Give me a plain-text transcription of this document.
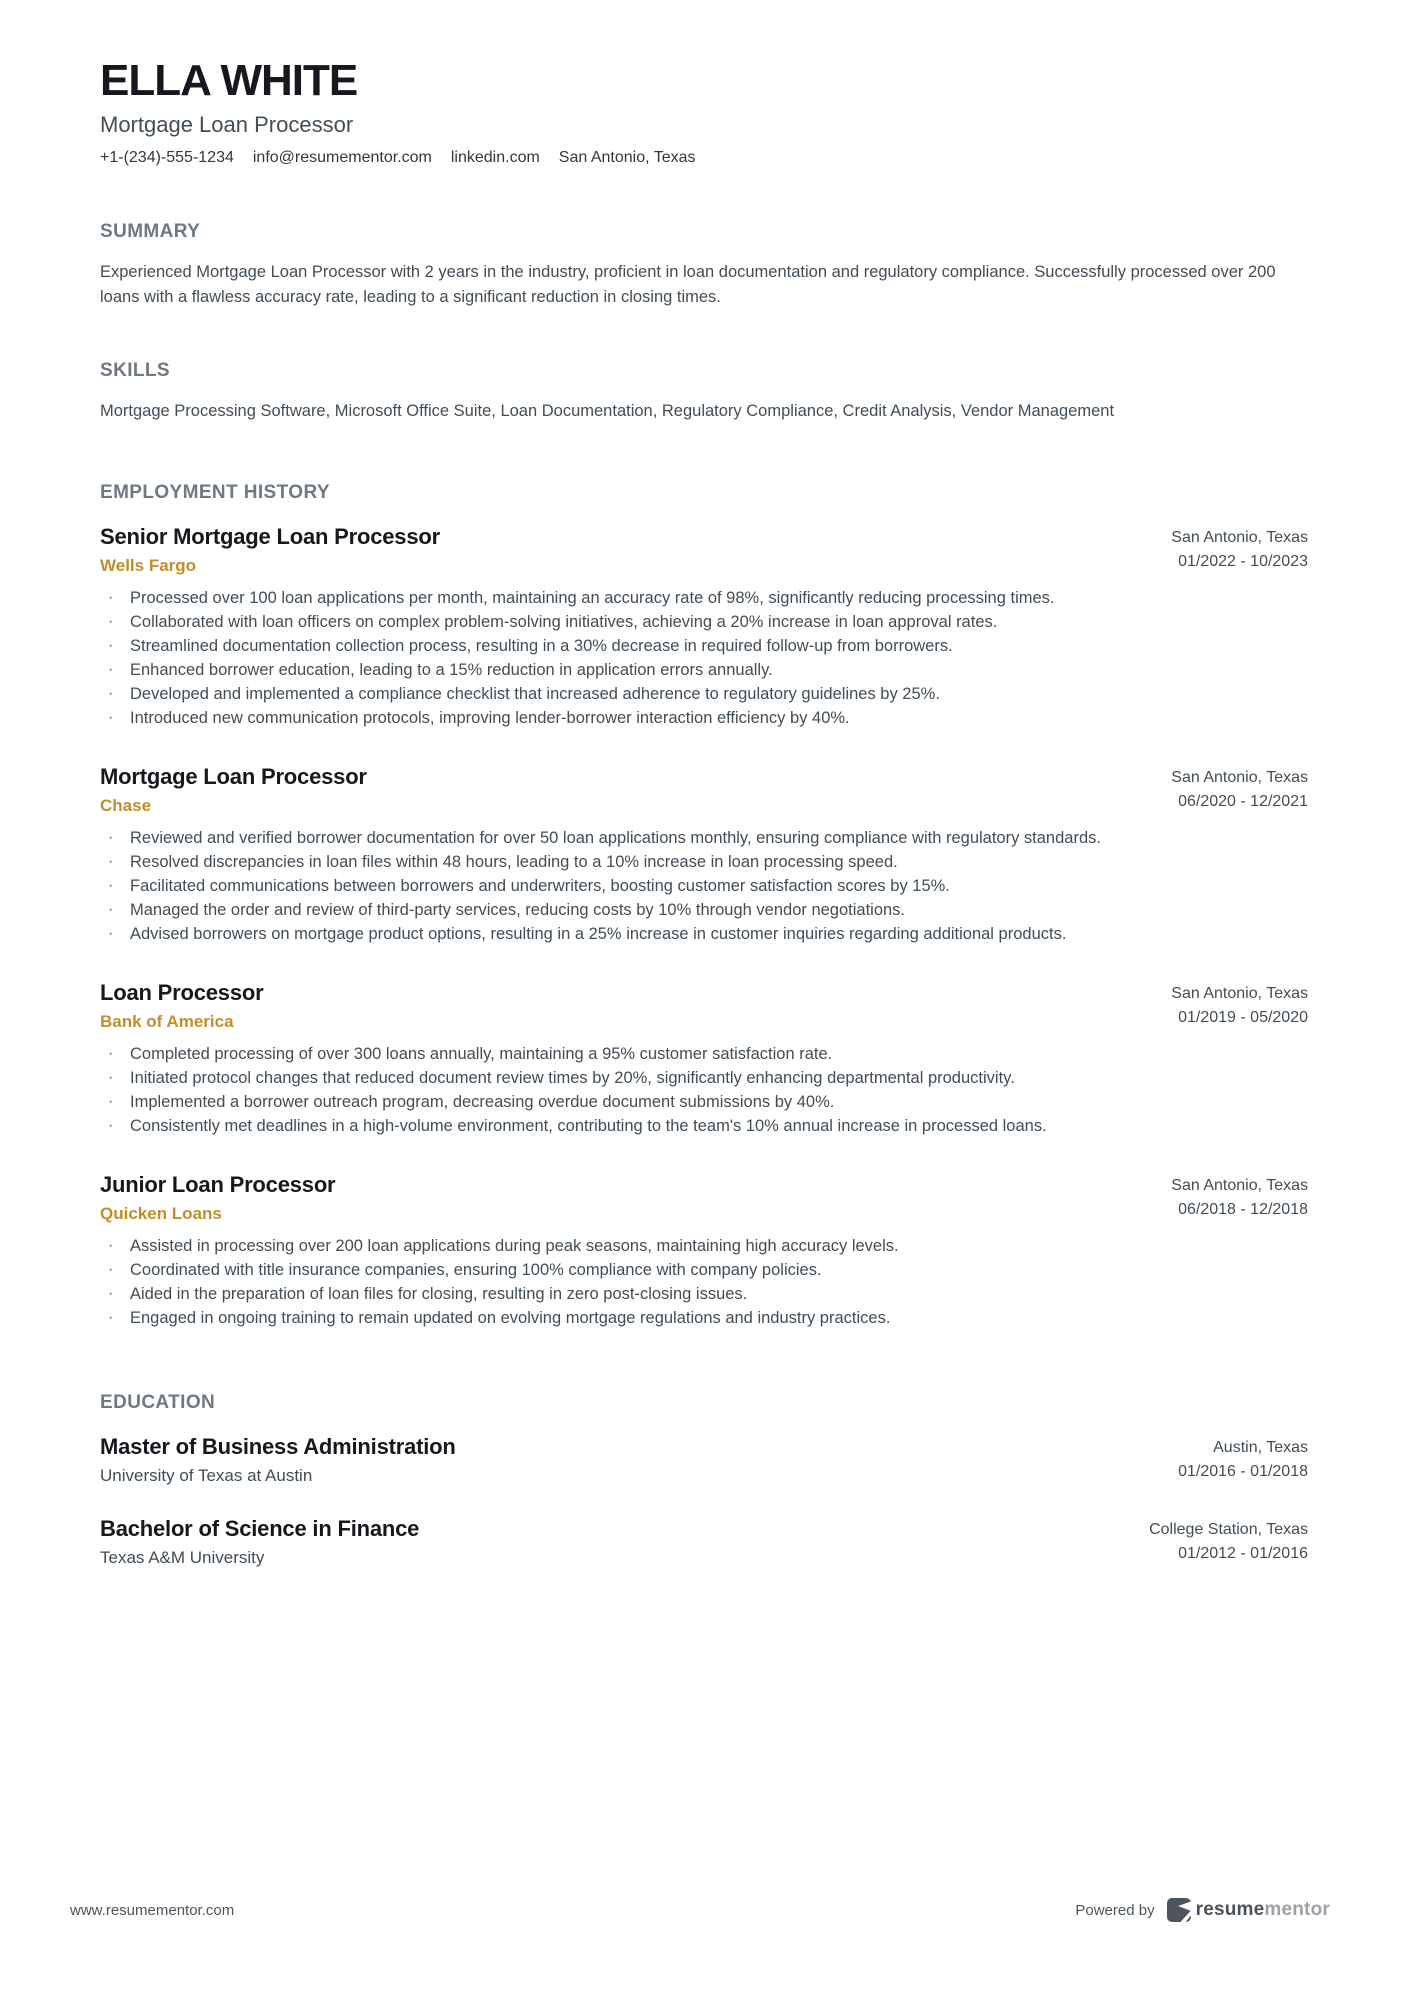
ELLA WHITE
Mortgage Loan Processor
+1-(234)-555-1234 info@resumementor.com linkedin.com San Antonio, Texas
SUMMARY
Experienced Mortgage Loan Processor with 2 years in the industry, proficient in loan documentation and regulatory compliance. Successfully processed over 200 loans with a flawless accuracy rate, leading to a significant reduction in closing times.
SKILLS
Mortgage Processing Software, Microsoft Office Suite, Loan Documentation, Regulatory Compliance, Credit Analysis, Vendor Management
EMPLOYMENT HISTORY
Senior Mortgage Loan Processor
Wells Fargo
San Antonio, Texas
01/2022 - 10/2023
· Processed over 100 loan applications per month, maintaining an accuracy rate of 98%, significantly reducing processing times.
· Collaborated with loan officers on complex problem-solving initiatives, achieving a 20% increase in loan approval rates.
· Streamlined documentation collection process, resulting in a 30% decrease in required follow-up from borrowers.
· Enhanced borrower education, leading to a 15% reduction in application errors annually.
· Developed and implemented a compliance checklist that increased adherence to regulatory guidelines by 25%.
· Introduced new communication protocols, improving lender-borrower interaction efficiency by 40%.
Mortgage Loan Processor
Chase
San Antonio, Texas
06/2020 - 12/2021
· Reviewed and verified borrower documentation for over 50 loan applications monthly, ensuring compliance with regulatory standards.
· Resolved discrepancies in loan files within 48 hours, leading to a 10% increase in loan processing speed.
· Facilitated communications between borrowers and underwriters, boosting customer satisfaction scores by 15%.
· Managed the order and review of third-party services, reducing costs by 10% through vendor negotiations.
· Advised borrowers on mortgage product options, resulting in a 25% increase in customer inquiries regarding additional products.
Loan Processor
Bank of America
San Antonio, Texas
01/2019 - 05/2020
· Completed processing of over 300 loans annually, maintaining a 95% customer satisfaction rate.
· Initiated protocol changes that reduced document review times by 20%, significantly enhancing departmental productivity.
· Implemented a borrower outreach program, decreasing overdue document submissions by 40%.
· Consistently met deadlines in a high-volume environment, contributing to the team's 10% annual increase in processed loans.
Junior Loan Processor
Quicken Loans
San Antonio, Texas
06/2018 - 12/2018
· Assisted in processing over 200 loan applications during peak seasons, maintaining high accuracy levels.
· Coordinated with title insurance companies, ensuring 100% compliance with company policies.
· Aided in the preparation of loan files for closing, resulting in zero post-closing issues.
· Engaged in ongoing training to remain updated on evolving mortgage regulations and industry practices.
EDUCATION
Master of Business Administration
University of Texas at Austin
Austin, Texas
01/2016 - 01/2018
Bachelor of Science in Finance
Texas A&M University
College Station, Texas
01/2012 - 01/2016
www.resumementor.com	Powered by resumementor
